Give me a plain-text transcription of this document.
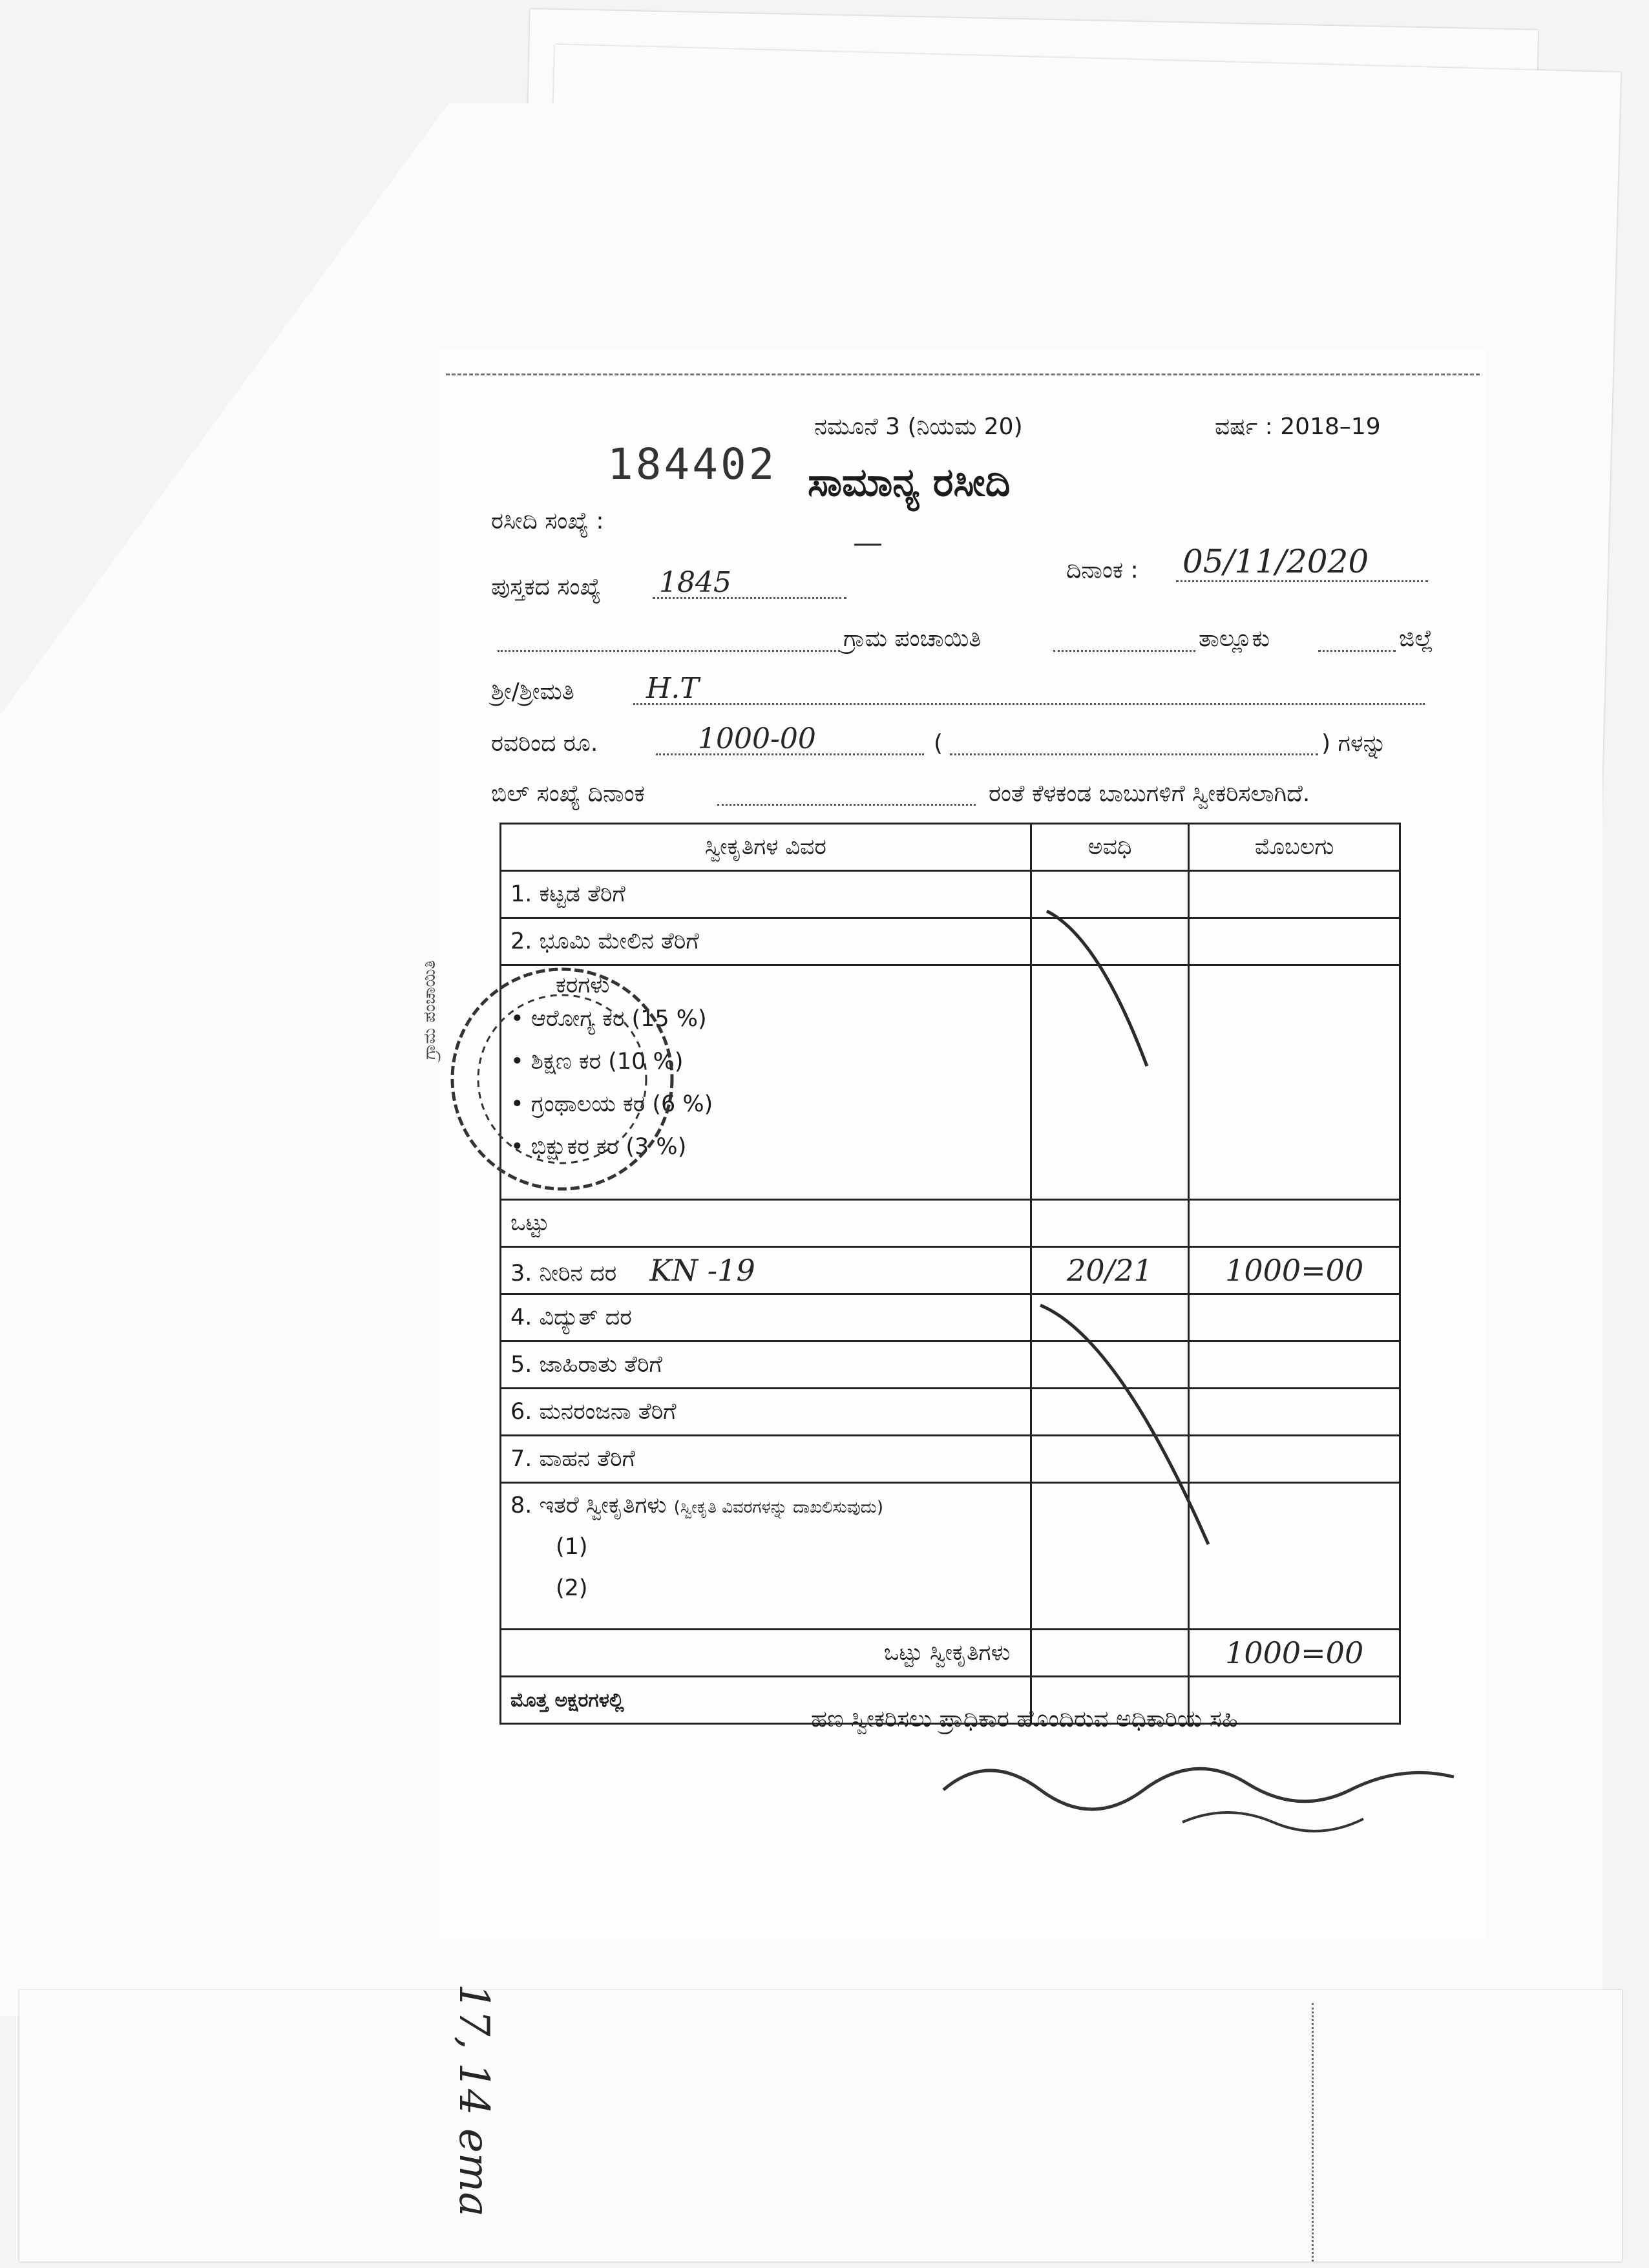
ನಮೂನೆ 3 (ನಿಯಮ 20)	ವರ್ಷ : 2018–19
184402 ಸಾಮಾನ್ಯ ರಸೀದಿ
ರಸೀದಿ ಸಂಖ್ಯೆ :
—
ದಿನಾಂಕ : 05/11/2020
ಪುಸ್ತಕದ ಸಂಖ್ಯೆ 1845
ಗ್ರಾಮ ಪಂಚಾಯಿತಿ	ತಾಲ್ಲೂಕು	ಜಿಲ್ಲೆ
ಶ್ರೀ/ಶ್ರೀಮತಿ	H.T
ರವರಿಂದ ರೂ.	1000-00	(	) ಗಳನ್ನು
ಬಿಲ್ ಸಂಖ್ಯೆ ದಿನಾಂಕ	ರಂತೆ ಕೆಳಕಂಡ ಬಾಬುಗಳಿಗೆ ಸ್ವೀಕರಿಸಲಾಗಿದೆ.
ಸ್ವೀಕೃತಿಗಳ ವಿವರ	ಅವಧಿ	ಮೊಬಲಗು
1. ಕಟ್ಟಡ ತೆರಿಗೆ		
2. ಭೂಮಿ ಮೇಲಿನ ತೆರಿಗೆ		

ಕರಗಳು
• ಆರೋಗ್ಯ ಕರ (15 %)
• ಶಿಕ್ಷಣ ಕರ (10 %)
• ಗ್ರಂಥಾಲಯ ಕರ (6 %)
• ಭಿಕ್ಷುಕರ ಕರ (3 %)		

ಒಟ್ಟು		
3. ನೀರಿನ ದರ KN -19	20/21	1000=00
4. ವಿದ್ಯುತ್ ದರ		
5. ಜಾಹಿರಾತು ತೆರಿಗೆ		
6. ಮನರಂಜನಾ ತೆರಿಗೆ		
7. ವಾಹನ ತೆರಿಗೆ		

8. ಇತರೆ ಸ್ವೀಕೃತಿಗಳು (ಸ್ವೀಕೃತಿ ವಿವರಗಳನ್ನು ದಾಖಲಿಸುವುದು)
(1)
(2)		

ಒಟ್ಟು ಸ್ವೀಕೃತಿಗಳು		1000=00
ಮೊತ್ತ ಅಕ್ಷರಗಳಲ್ಲಿ		
ಗ್ರಾಮ ಪಂಚಾಯಿತಿ
ಹಣ ಸ್ವೀಕರಿಸಲು ಪ್ರಾಧಿಕಾರ ಹೊಂದಿರುವ ಅಧಿಕಾರಿಯ ಸಹಿ
17, 14 ema
